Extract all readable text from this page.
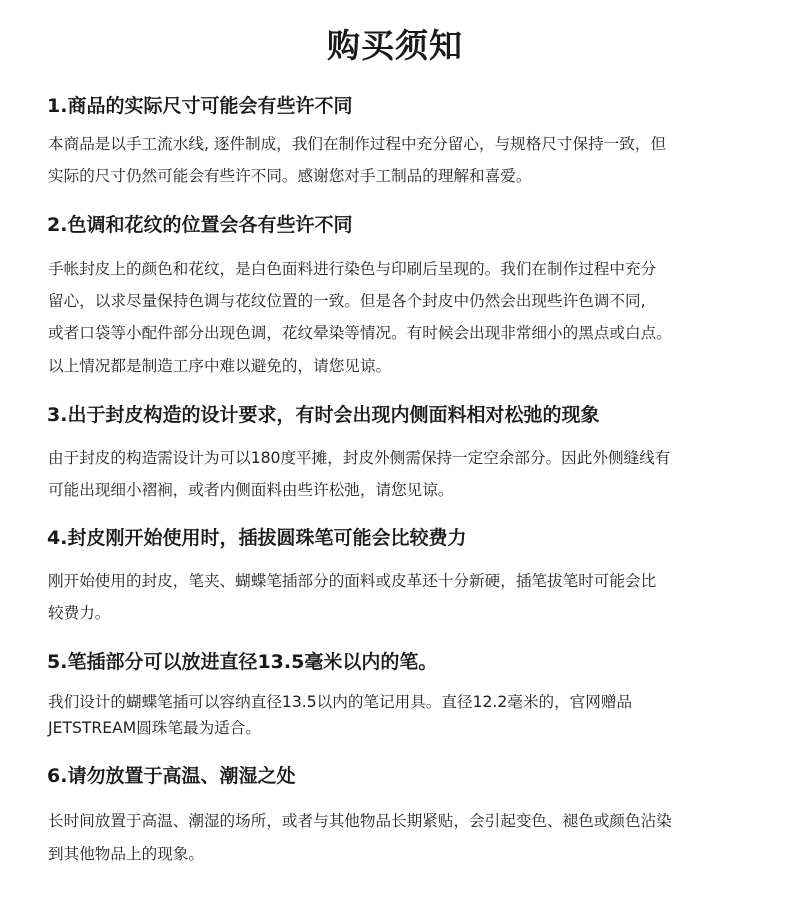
购买须知
1.商品的实际尺寸可能会有些许不同
本商品是以手工流水线, 逐件制成，我们在制作过程中充分留心，与规格尺寸保持一致，但
实际的尺寸仍然可能会有些许不同。感谢您对手工制品的理解和喜爱。
2.色调和花纹的位置会各有些许不同
手帐封皮上的颜色和花纹，是白色面料进行染色与印刷后呈现的。我们在制作过程中充分
留心，以求尽量保持色调与花纹位置的一致。但是各个封皮中仍然会出现些许色调不同,
或者口袋等小配件部分出现色调，花纹晕染等情况。有时候会出现非常细小的黑点或白点。
以上情况都是制造工序中难以避免的，请您见谅。
3.出于封皮构造的设计要求，有时会出现内侧面料相对松弛的现象
由于封皮的构造需设计为可以180度平摊，封皮外侧需保持一定空余部分。因此外侧缝线有
可能出现细小褶裥，或者内侧面料由些许松弛，请您见谅。
4.封皮刚开始使用时，插拔圆珠笔可能会比较费力
刚开始使用的封皮，笔夹、蝴蝶笔插部分的面料或皮革还十分新硬，插笔拔笔时可能会比
较费力。
5.笔插部分可以放进直径13.5毫米以内的笔。
我们设计的蝴蝶笔插可以容纳直径13.5以内的笔记用具。直径12.2毫米的，官网赠品
JETSTREAM圆珠笔最为适合。
6.请勿放置于高温、潮湿之处
长时间放置于高温、潮湿的场所，或者与其他物品长期紧贴，会引起变色、褪色或颜色沾染
到其他物品上的现象。
